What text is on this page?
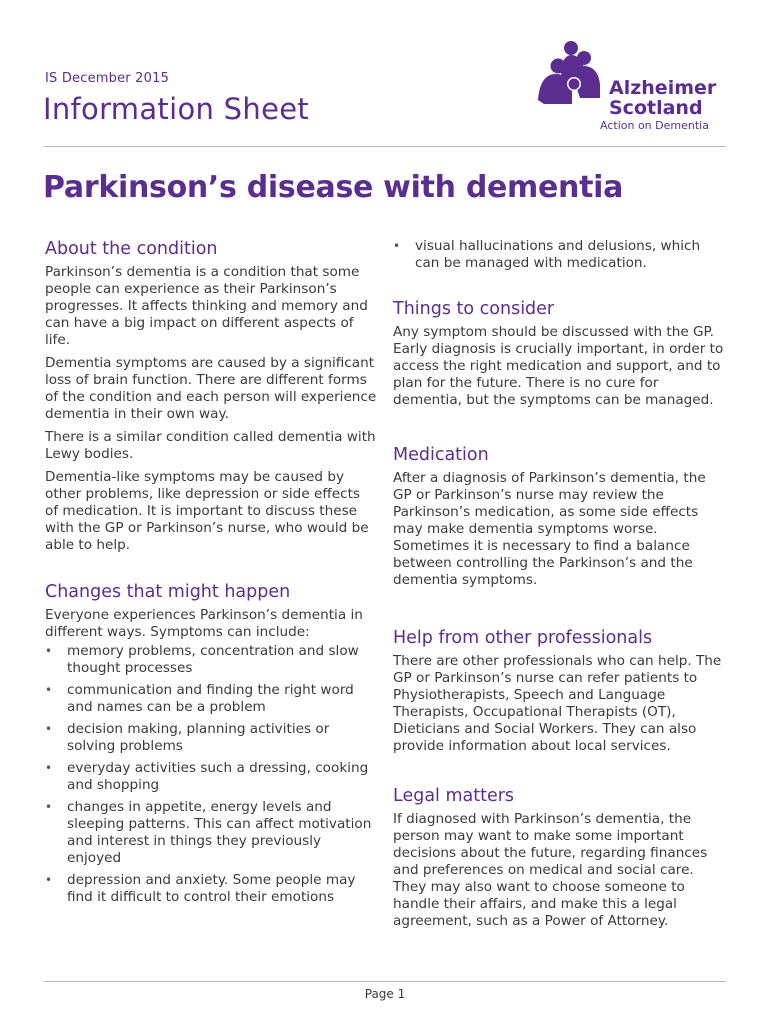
IS December 2015
Information Sheet
Alzheimer
Scotland
Action on Dementia
Parkinson’s disease with dementia
About the condition

Parkinson’s dementia is a condition that some people can experience as their Parkinson’s progresses. It affects thinking and memory and can have a big impact on different aspects of life.

Dementia symptoms are caused by a significant loss of brain function. There are different forms of the condition and each person will experience dementia in their own way.

There is a similar condition called dementia with Lewy bodies.

Dementia-like symptoms may be caused by other problems, like depression or side effects of medication. It is important to discuss these with the GP or Parkinson’s nurse, who would be able to help.

Changes that might happen

Everyone experiences Parkinson’s dementia in different ways. Symptoms can include:

• memory problems, concentration and slow thought processes
• communication and finding the right word and names can be a problem
• decision making, planning activities or solving problems
• everyday activities such a dressing, cooking and shopping
• changes in appetite, energy levels and sleeping patterns. This can affect motivation and interest in things they previously enjoyed
• depression and anxiety. Some people may find it difficult to control their emotions
• visual hallucinations and delusions, which can be managed with medication.
Things to consider

Any symptom should be discussed with the GP. Early diagnosis is crucially important, in order to access the right medication and support, and to plan for the future. There is no cure for dementia, but the symptoms can be managed.

Medication

After a diagnosis of Parkinson’s dementia, the GP or Parkinson’s nurse may review the Parkinson’s medication, as some side effects may make dementia symptoms worse. Sometimes it is necessary to find a balance between controlling the Parkinson’s and the dementia symptoms.

Help from other professionals

There are other professionals who can help. The GP or Parkinson’s nurse can refer patients to Physiotherapists, Speech and Language Therapists, Occupational Therapists (OT), Dieticians and Social Workers. They can also provide information about local services.

Legal matters

If diagnosed with Parkinson’s dementia, the person may want to make some important decisions about the future, regarding finances and preferences on medical and social care. They may also want to choose someone to handle their affairs, and make this a legal agreement, such as a Power of Attorney.

Page 1
